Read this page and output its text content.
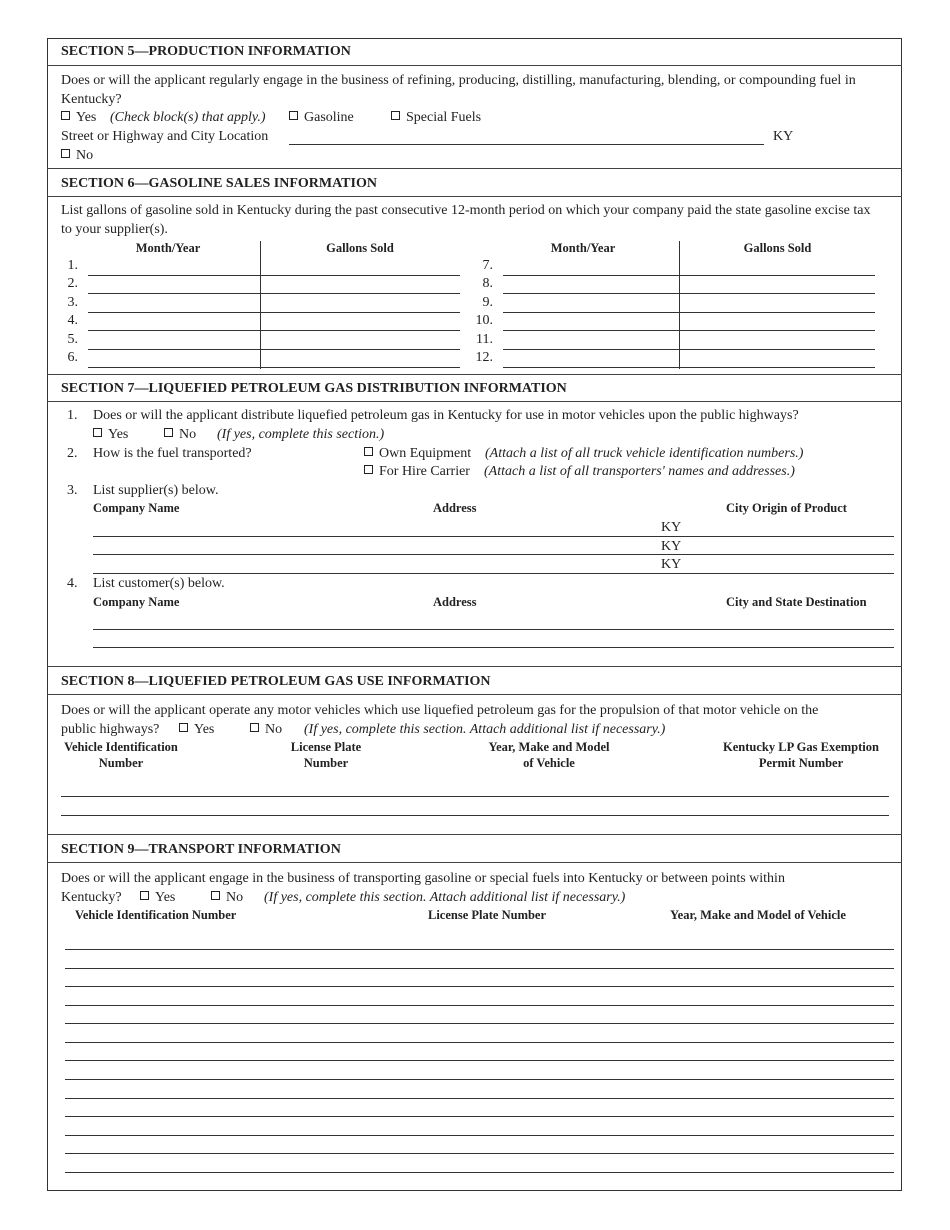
SECTION 5—PRODUCTION INFORMATION
Does or will the applicant regularly engage in the business of refining, producing, distilling, manufacturing, blending, or compounding fuel in Kentucky?
Yes (Check block(s) that apply.)	Gasoline	Special Fuels
Street or Highway and City Location	KY
No
SECTION 6—GASOLINE SALES INFORMATION
List gallons of gasoline sold in Kentucky during the past consecutive 12-month period on which your company paid the state gasoline excise tax to your supplier(s).
Month/Year	Gallons Sold	Month/Year	Gallons Sold
1.
2.
3.
4.
5.
6.
7.
8.
9.
10.
11.
12.
SECTION 7—LIQUEFIED PETROLEUM GAS DISTRIBUTION INFORMATION
1. Does or will the applicant distribute liquefied petroleum gas in Kentucky for use in motor vehicles upon the public highways?
Yes	No (If yes, complete this section.)
2. How is the fuel transported?	Own Equipment (Attach a list of all truck vehicle identification numbers.)
For Hire Carrier (Attach a list of all transporters' names and addresses.)
3. List supplier(s) below.
Company Name	Address	City Origin of Product
KY
KY
KY
4. List customer(s) below.
Company Name	Address	City and State Destination
SECTION 8—LIQUEFIED PETROLEUM GAS USE INFORMATION
Does or will the applicant operate any motor vehicles which use liquefied petroleum gas for the propulsion of that motor vehicle on the
public highways?	Yes	No (If yes, complete this section. Attach additional list if necessary.)
Vehicle Identification
Number
License Plate
Number
Year, Make and Model
of Vehicle
Kentucky LP Gas Exemption
Permit Number
SECTION 9—TRANSPORT INFORMATION
Does or will the applicant engage in the business of transporting gasoline or special fuels into Kentucky or between points within
Kentucky?	Yes	No (If yes, complete this section. Attach additional list if necessary.)
Vehicle Identification Number	License Plate Number	Year, Make and Model of Vehicle
